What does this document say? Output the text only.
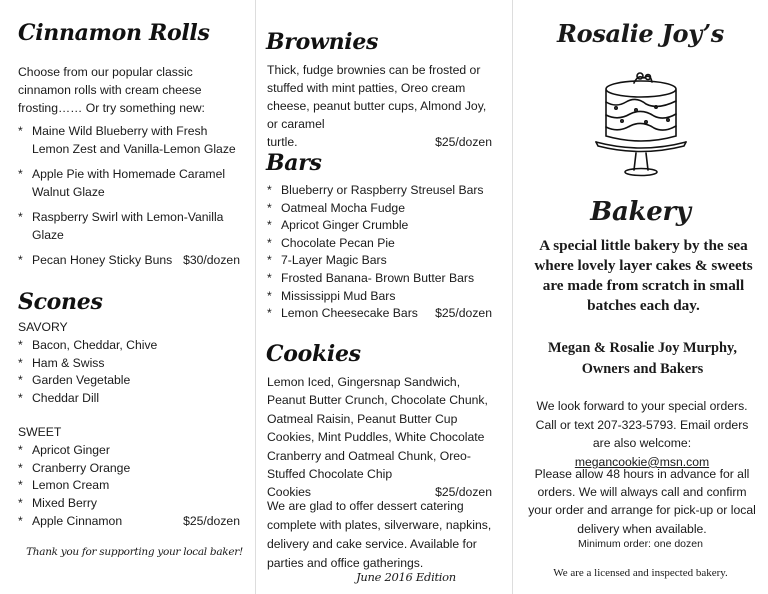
Cinnamon Rolls
Choose from our popular classic cinnamon rolls with cream cheese frosting…… Or try something new:
* Maine Wild Blueberry with Fresh Lemon Zest and Vanilla-Lemon Glaze
* Apple Pie with Homemade Caramel Walnut Glaze
* Raspberry Swirl with Lemon-Vanilla Glaze
* Pecan Honey Sticky Buns $30/dozen
Scones
SAVORY
* Bacon, Cheddar, Chive
* Ham & Swiss
* Garden Vegetable
* Cheddar Dill
SWEET
* Apricot Ginger
* Cranberry Orange
* Lemon Cream
* Mixed Berry
* Apple Cinnamon	$25/dozen
Thank you for supporting your local baker!
Brownies
Thick, fudge brownies can be frosted or stuffed with mint patties, Oreo cream cheese, peanut butter cups, Almond Joy, or caramel
turtle.	$25/dozen
Bars
* Blueberry or Raspberry Streusel Bars
* Oatmeal Mocha Fudge
* Apricot Ginger Crumble
* Chocolate Pecan Pie
* 7-Layer Magic Bars
* Frosted Banana- Brown Butter Bars
* Mississippi Mud Bars
* Lemon Cheesecake Bars $25/dozen
Cookies
Lemon Iced, Gingersnap Sandwich, Peanut Butter Crunch, Chocolate Chunk, Oatmeal Raisin, Peanut Butter Cup Cookies, Mint Puddles, White Chocolate Cranberry and Oatmeal Chunk, Oreo-Stuffed Chocolate Chip
Cookies	$25/dozen
We are glad to offer dessert catering complete with plates, silverware, napkins, delivery and cake service. Available for parties and office gatherings.
June 2016 Edition
Rosalie Joy’s
Bakery
A special little bakery by the sea where lovely layer cakes & sweets are made from scratch in small batches each day.
Megan & Rosalie Joy Murphy, Owners and Bakers
We look forward to your special orders. Call or text 207-323-5793. Email orders are also welcome: megancookie@msn.com
Please allow 48 hours in advance for all orders. We will always call and confirm your order and arrange for pick-up or local delivery when available.
Minimum order: one dozen
We are a licensed and inspected bakery.
